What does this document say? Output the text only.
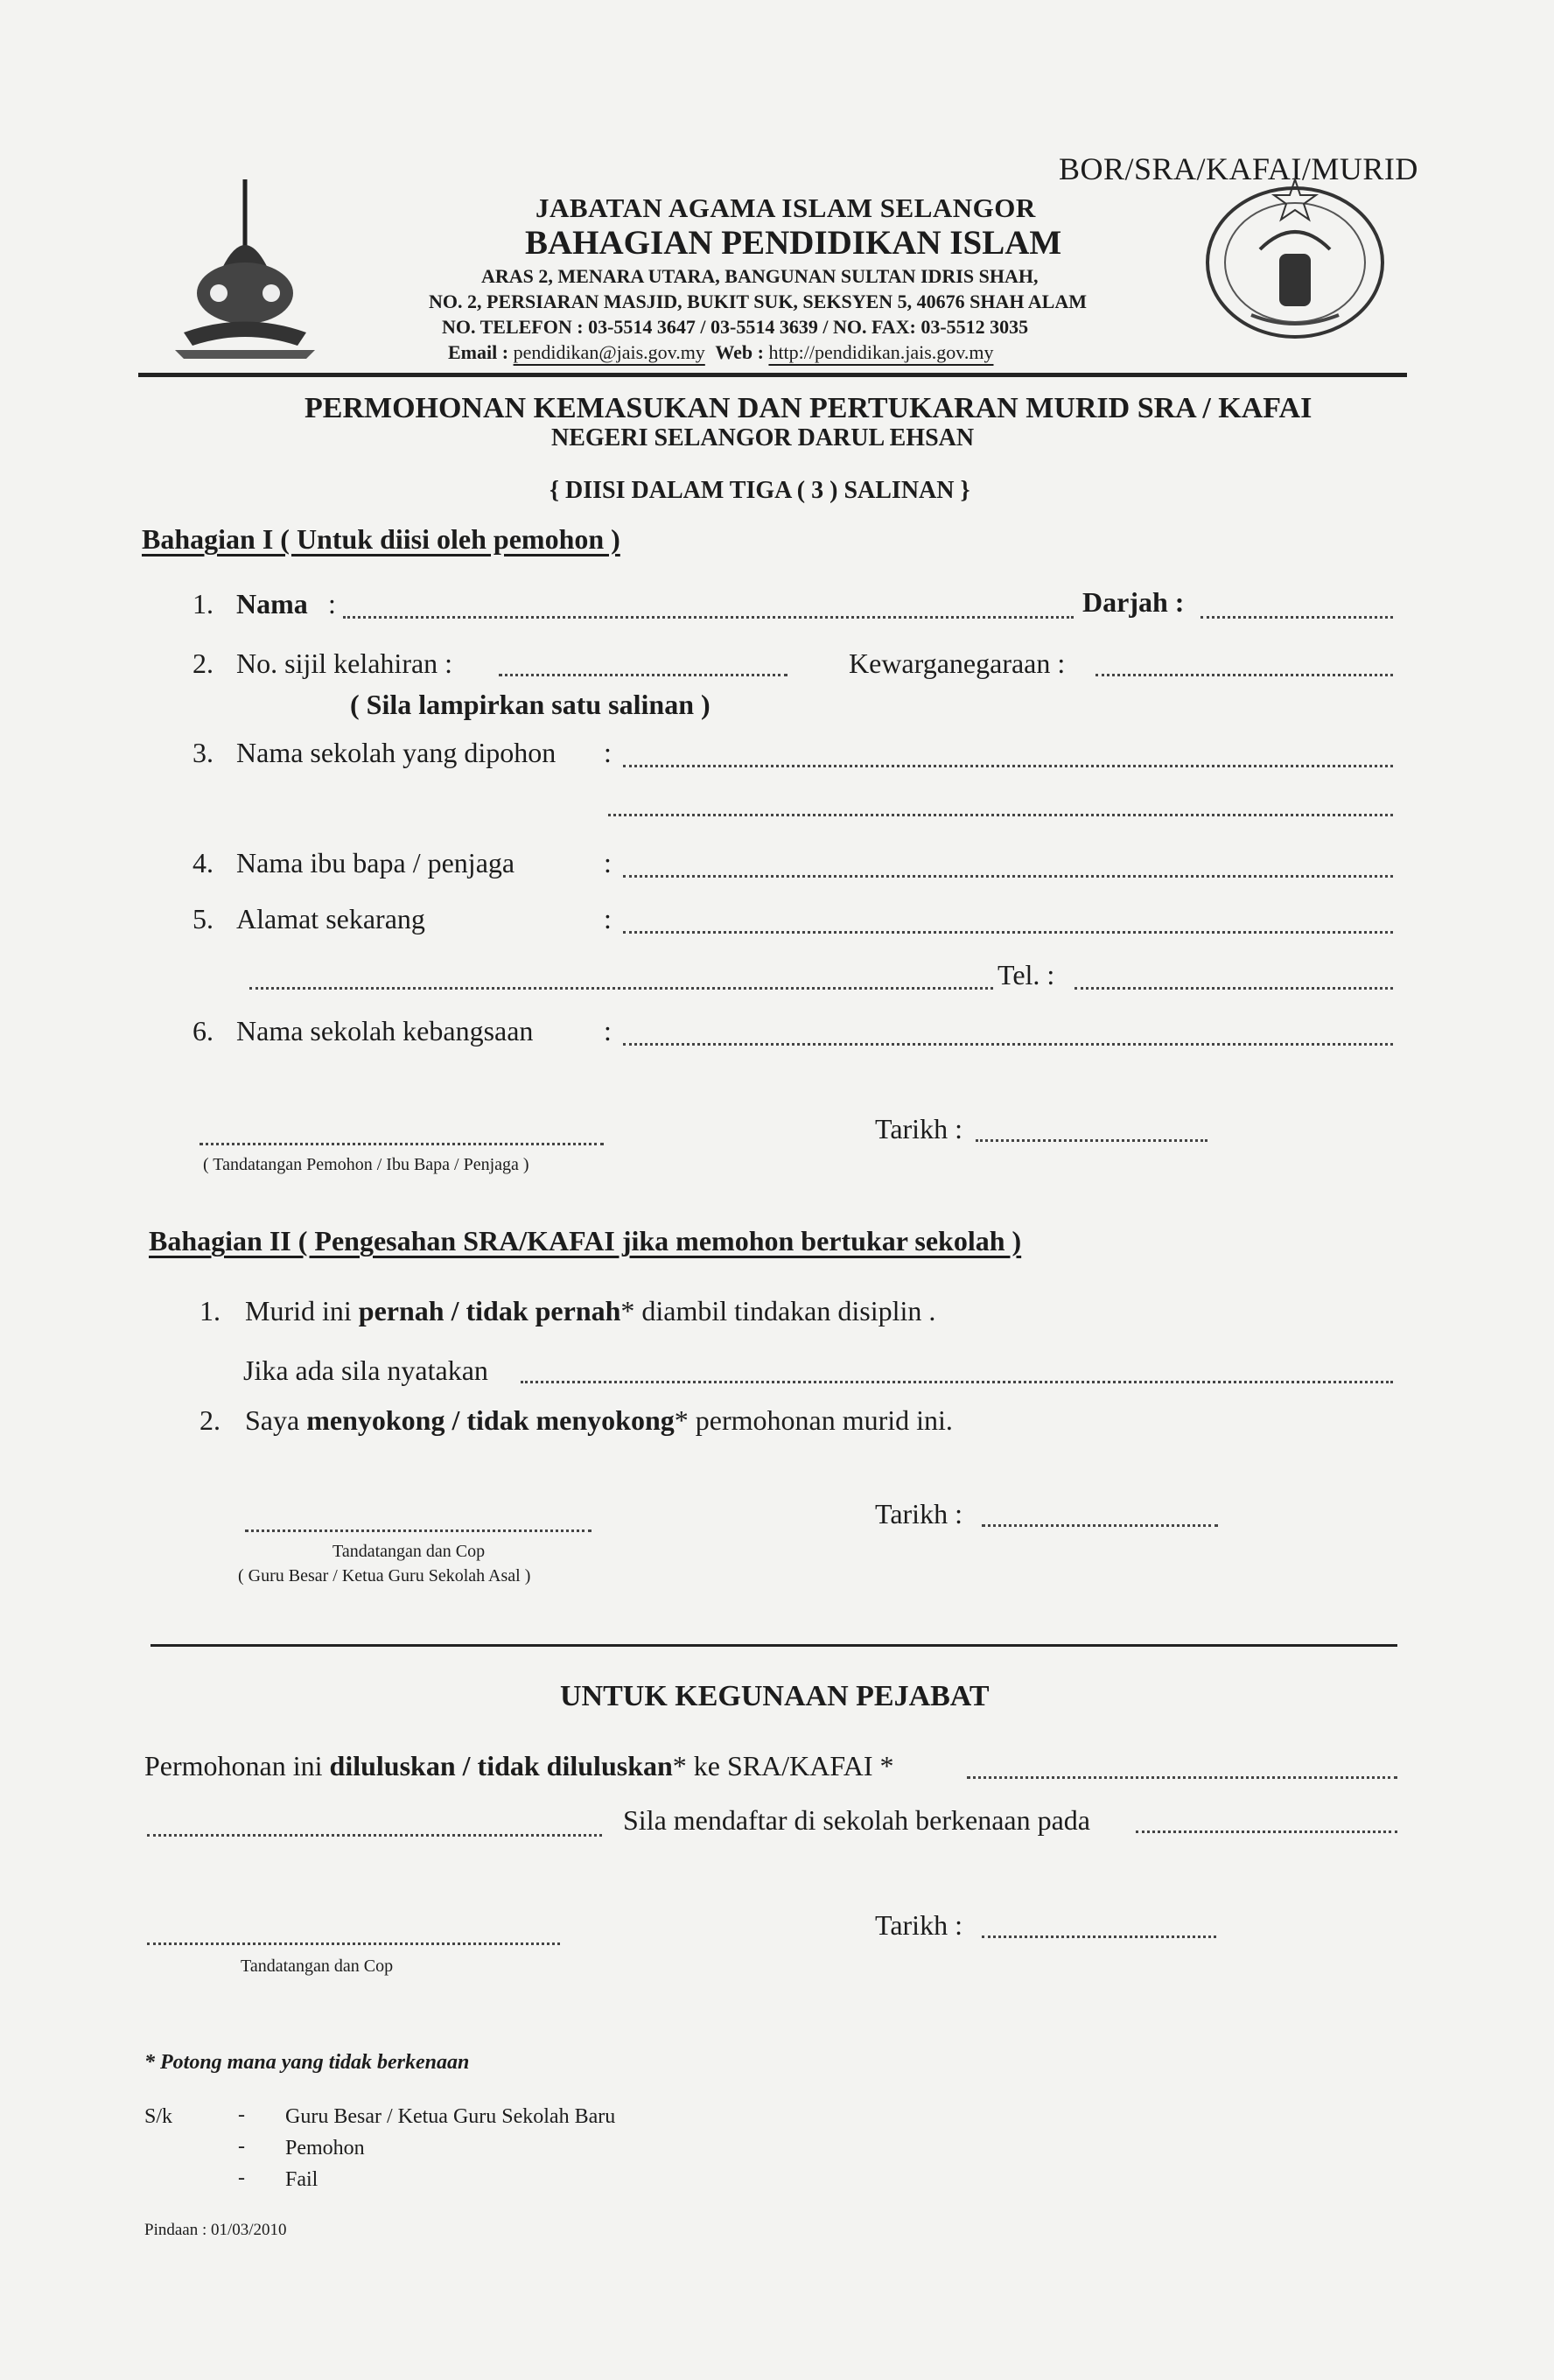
BOR/SRA/KAFAI/MURID
JABATAN AGAMA ISLAM SELANGOR
BAHAGIAN PENDIDIKAN ISLAM
ARAS 2, MENARA UTARA, BANGUNAN SULTAN IDRIS SHAH,
NO. 2, PERSIARAN MASJID, BUKIT SUK, SEKSYEN 5, 40676 SHAH ALAM
NO. TELEFON : 03-5514 3647 / 03-5514 3639 / NO. FAX: 03-5512 3035
Email : pendidikan@jais.gov.my Web : http://pendidikan.jais.gov.my
PERMOHONAN KEMASUKAN DAN PERTUKARAN MURID SRA / KAFAI
NEGERI SELANGOR DARUL EHSAN
{ DIISI DALAM TIGA ( 3 ) SALINAN }
Bahagian I ( Untuk diisi oleh pemohon )
1. Nama :	Darjah :
2. No. sijil kelahiran :	Kewarganegaraan :
( Sila lampirkan satu salinan )
3. Nama sekolah yang dipohon :
4. Nama ibu bapa / penjaga	:
5. Alamat sekarang	:
Tel. :
6. Nama sekolah kebangsaan	:
( Tandatangan Pemohon / Ibu Bapa / Penjaga )
Tarikh :
Bahagian II ( Pengesahan SRA/KAFAI jika memohon bertukar sekolah )
1. Murid ini pernah / tidak pernah* diambil tindakan disiplin .
Jika ada sila nyatakan
2. Saya menyokong / tidak menyokong* permohonan murid ini.
Tarikh :
Tandatangan dan Cop
( Guru Besar / Ketua Guru Sekolah Asal )
UNTUK KEGUNAAN PEJABAT
Permohonan ini diluluskan / tidak diluluskan* ke SRA/KAFAI *
Sila mendaftar di sekolah berkenaan pada
Tarikh :
Tandatangan dan Cop
* Potong mana yang tidak berkenaan
S/k	- Guru Besar / Ketua Guru Sekolah Baru
- Pemohon
- Fail
Pindaan : 01/03/2010
